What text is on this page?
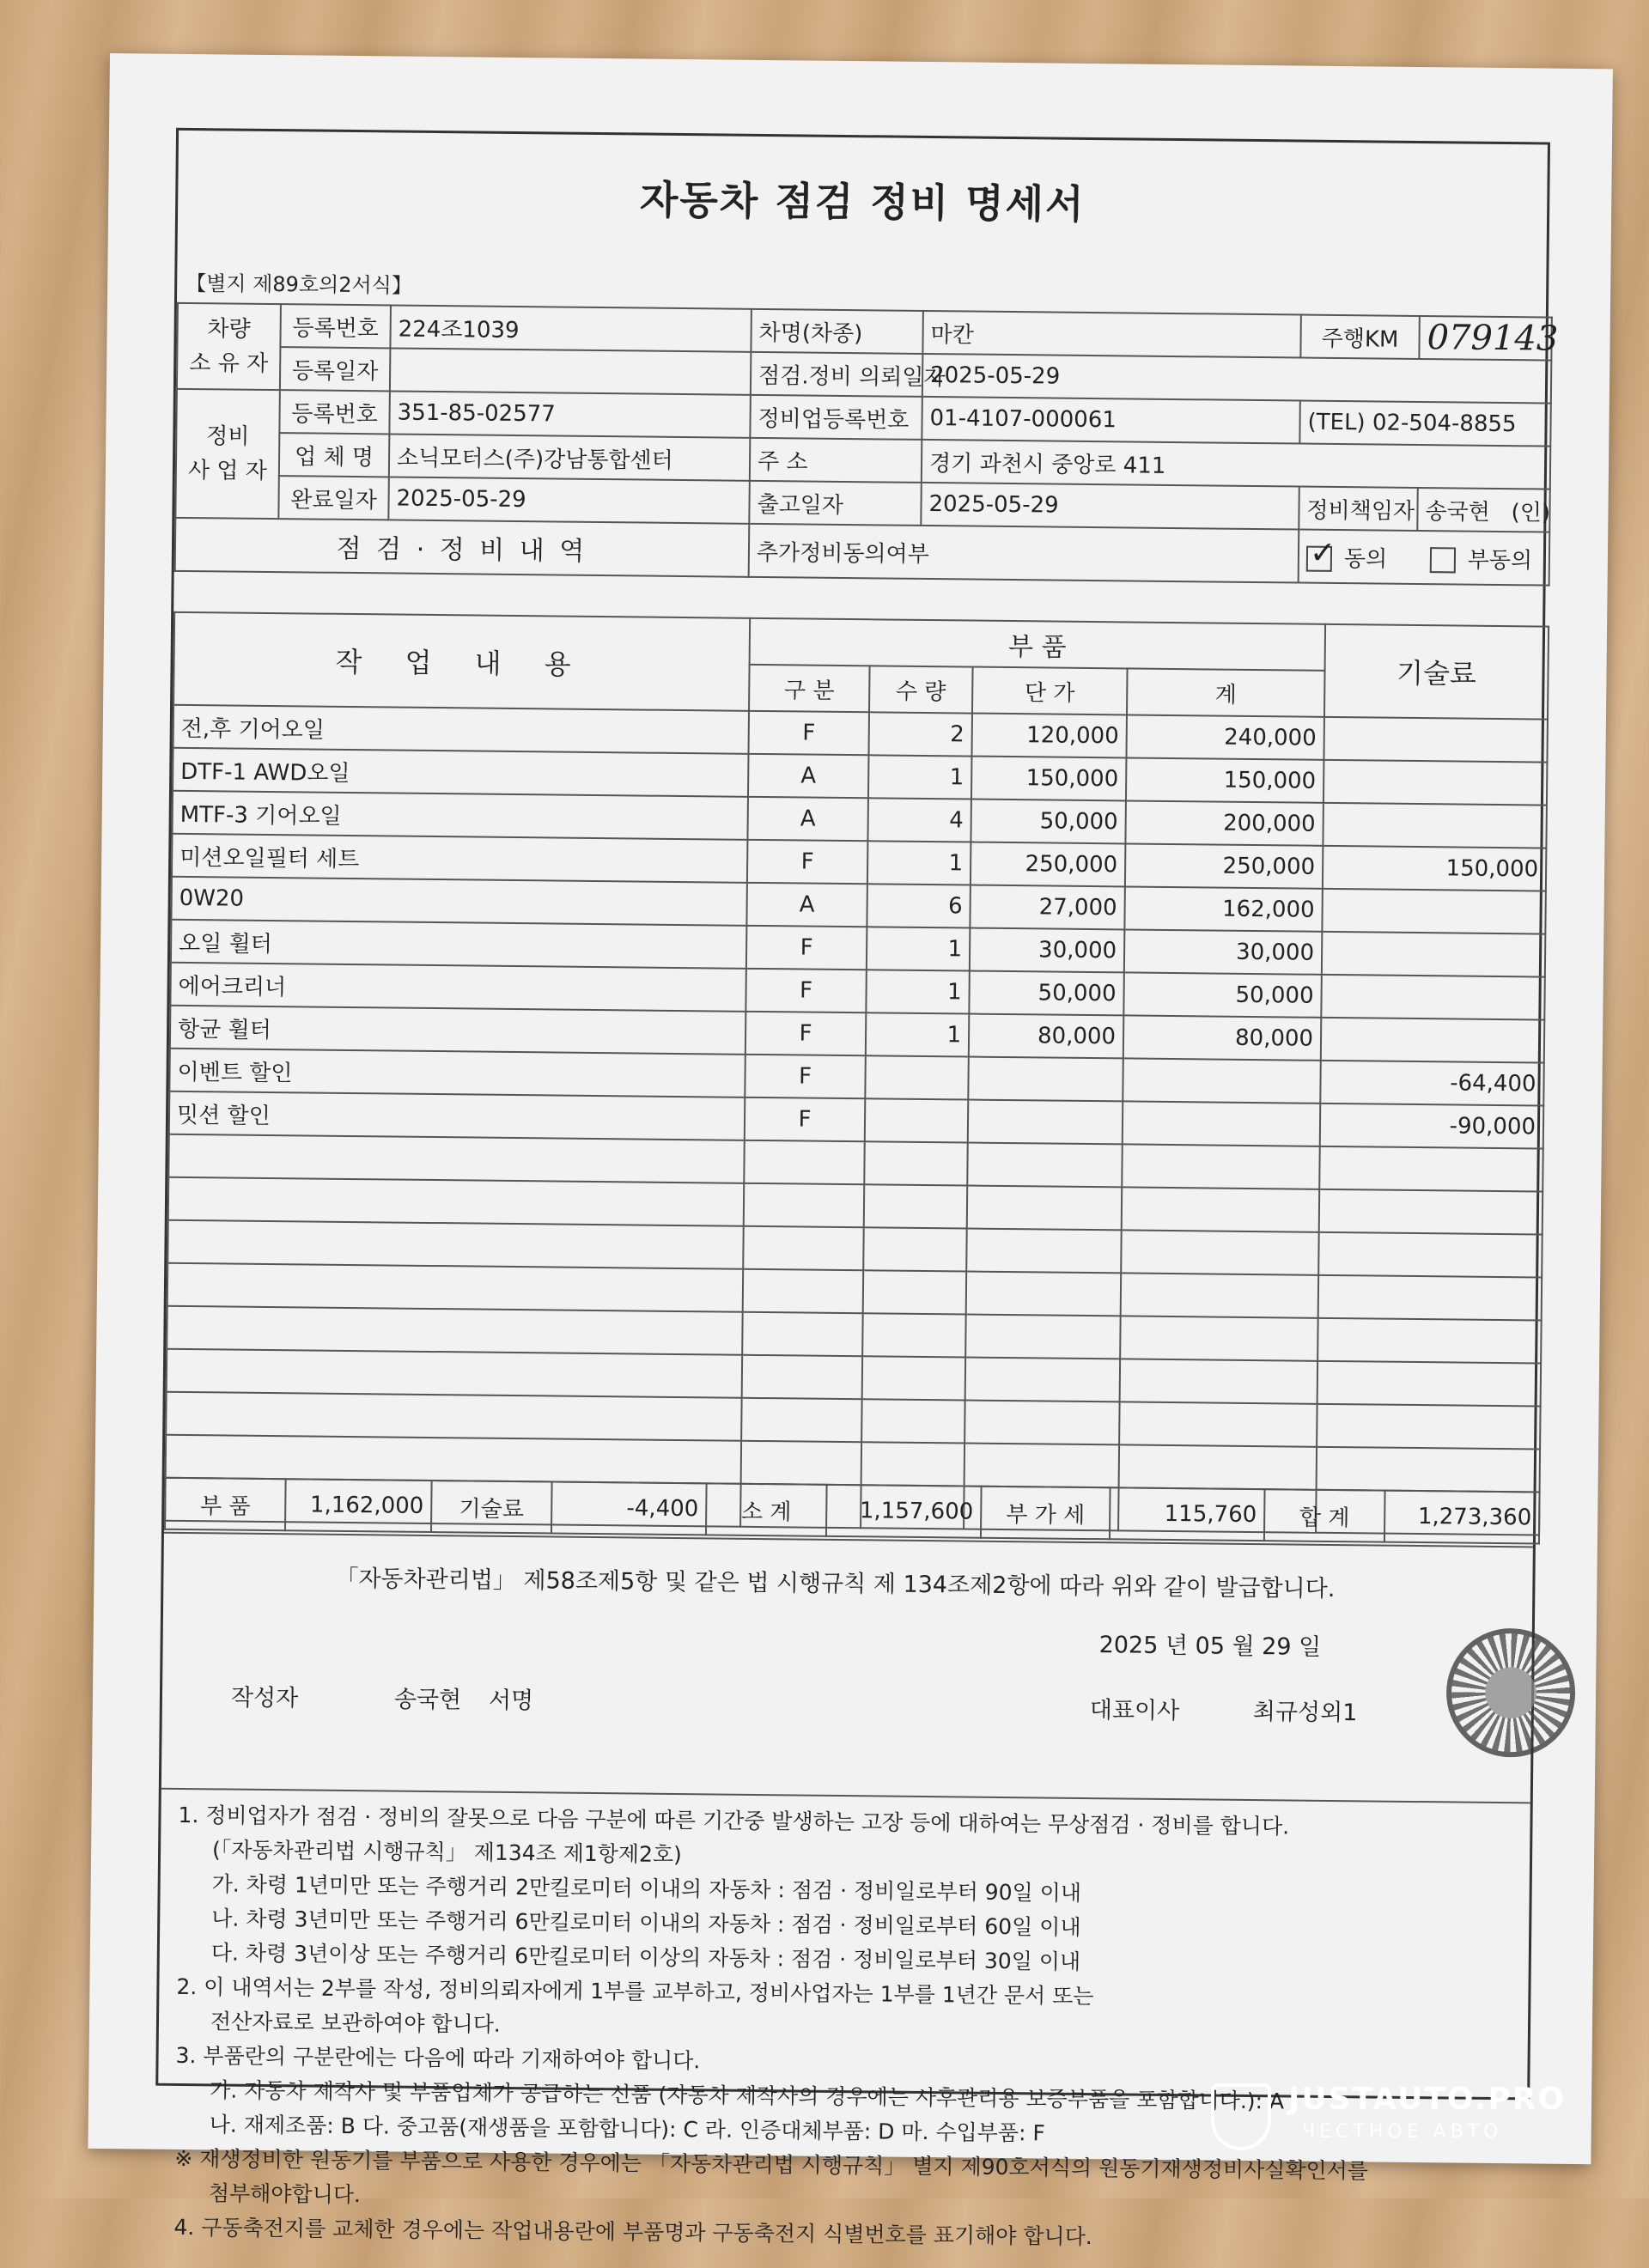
자동차 점검 정비 명세서
【별지 제89호의2서식】
차량
소 유 자	등록번호	224조1039	차명(차종)	마칸	주행KM	079143
	등록일자		점검.정비 의뢰일자	2025-05-29		
정비
사 업 자	등록번호	351-85-02577	정비업등록번호	01-4107-000061	(TEL) 02-504-8855	
	업 체 명	소닉모터스(주)강남통합센터	주 소	경기 과천시 중앙로 411		
	완료일자	2025-05-29	출고일자	2025-05-29	정비책임자	송국현 (인)
점 검 · 정 비 내 역			추가정비동의여부		✓ 동의 부동의	
작 업 내 용	부 품				기술료
	구 분	수 량	단 가	계	
전,후 기어오일	F	2	120,000	240,000	
DTF-1 AWD오일	A	1	150,000	150,000	
MTF-3 기어오일	A	4	50,000	200,000	
미션오일필터 세트	F	1	250,000	250,000	150,000
0W20	A	6	27,000	162,000	
오일 휠터	F	1	30,000	30,000	
에어크리너	F	1	50,000	50,000	
항균 휠터	F	1	80,000	80,000	
이벤트 할인	F				-64,400
밋션 할인	F				-90,000

부 품	1,162,000	기술료	-4,400	소 계	1,157,600	부 가 세	115,760	합 계	1,273,360
「자동차관리법」 제58조제5항 및 같은 법 시행규칙 제 134조제2항에 따라 위와 같이 발급합니다.
2025 년 05 월 29 일
작성자	송국현 서명	대표이사	최규성외1

1. 정비업자가 점검 · 정비의 잘못으로 다음 구분에 따른 기간중 발생하는 고장 등에 대하여는 무상점검 · 정비를 합니다.

(「자동차관리법 시행규칙」 제134조 제1항제2호)

가. 차령 1년미만 또는 주행거리 2만킬로미터 이내의 자동차 : 점검 · 정비일로부터 90일 이내

나. 차령 3년미만 또는 주행거리 6만킬로미터 이내의 자동차 : 점검 · 정비일로부터 60일 이내

다. 차령 3년이상 또는 주행거리 6만킬로미터 이상의 자동차 : 점검 · 정비일로부터 30일 이내

2. 이 내역서는 2부를 작성, 정비의뢰자에게 1부를 교부하고, 정비사업자는 1부를 1년간 문서 또는

전산자료로 보관하여야 합니다.

3. 부품란의 구분란에는 다음에 따라 기재하여야 합니다.

가. 자동차 제작사 및 부품업체가 공급하는 신품 (자동차 제작사의 경우에는 사후관리용 보증부품을 포함합니다.): A

나. 재제조품: B 다. 중고품(재생품을 포함합니다): C 라. 인증대체부품: D 마. 수입부품: F

※ 재생정비한 원동기를 부품으로 사용한 경우에는 「자동차관리법 시행규칙」 별지 제90호서식의 원동기재생정비사실확인서를

첨부해야합니다.

4. 구동축전지를 교체한 경우에는 작업내용란에 부품명과 구동축전지 식별번호를 표기해야 합니다.

JUSTAUTO.PRO
ЧЕСТНОЕ АВТО
